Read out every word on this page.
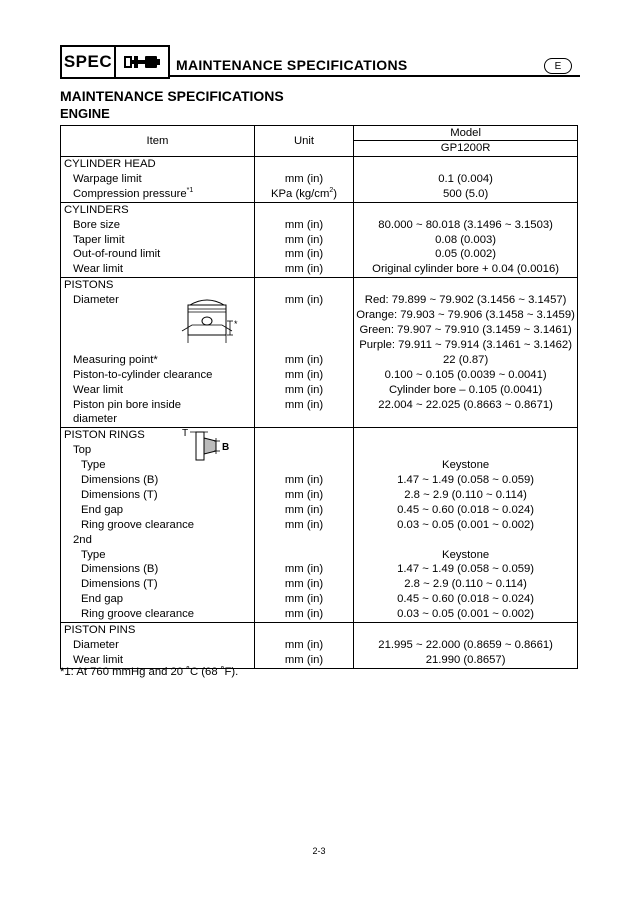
SPEC	MAINTENANCE SPECIFICATIONS	E
MAINTENANCE SPECIFICATIONS
ENGINE
Item	Unit	Model
		GP1200R
CYLINDER HEAD		
Warpage limit	mm (in)	0.1 (0.004)
Compression pressure$^{*1}$	KPa $(kg/cm^2)$	500 (5.0)
CYLINDERS		
Bore size	mm (in)	80.000 ~ 80.018 (3.1496 ~ 3.1503)
Taper limit	mm (in)	0.08 (0.003)
Out-of-round limit	mm (in)	0.05 (0.002)
Wear limit	mm (in)	Original cylinder bore + 0.04 (0.0016)
PISTONS		
Diameter	mm (in)	Red: 79.899 ~ 79.902 (3.1456 ~ 3.1457)
		Orange: 79.903 ~ 79.906 (3.1458 ~ 3.1459)
		Green: 79.907 ~ 79.910 (3.1459 ~ 3.1461)
		Purple: 79.911 ~ 79.914 (3.1461 ~ 3.1462)
Measuring point*	mm (in)	22 (0.87)
Piston-to-cylinder clearance	mm (in)	0.100 ~ 0.105 (0.0039 ~ 0.0041)
Wear limit	mm (in)	Cylinder bore – 0.105 (0.0041)
Piston pin bore inside	mm (in)	22.004 ~ 22.025 (0.8663 ~ 0.8671)
diameter		
PISTON RINGS		
Top		
Type		Keystone
Dimensions (B)	mm (in)	1.47 ~ 1.49 (0.058 ~ 0.059)
Dimensions (T)	mm (in)	2.8 ~ 2.9 (0.110 ~ 0.114)
End gap	mm (in)	0.45 ~ 0.60 (0.018 ~ 0.024)
Ring groove clearance	mm (in)	0.03 ~ 0.05 (0.001 ~ 0.002)
2nd		
Type		Keystone
Dimensions (B)	mm (in)	1.47 ~ 1.49 (0.058 ~ 0.059)
Dimensions (T)	mm (in)	2.8 ~ 2.9 (0.110 ~ 0.114)
End gap	mm (in)	0.45 ~ 0.60 (0.018 ~ 0.024)
Ring groove clearance	mm (in)	0.03 ~ 0.05 (0.001 ~ 0.002)
PISTON PINS		
Diameter	mm (in)	21.995 ~ 22.000 (0.8659 ~ 0.8661)
Wear limit	mm (in)	21.990 (0.8657)
*
T
B
*1: At 760 mmHg and 20 ˚C (68 ˚F).
2-3
